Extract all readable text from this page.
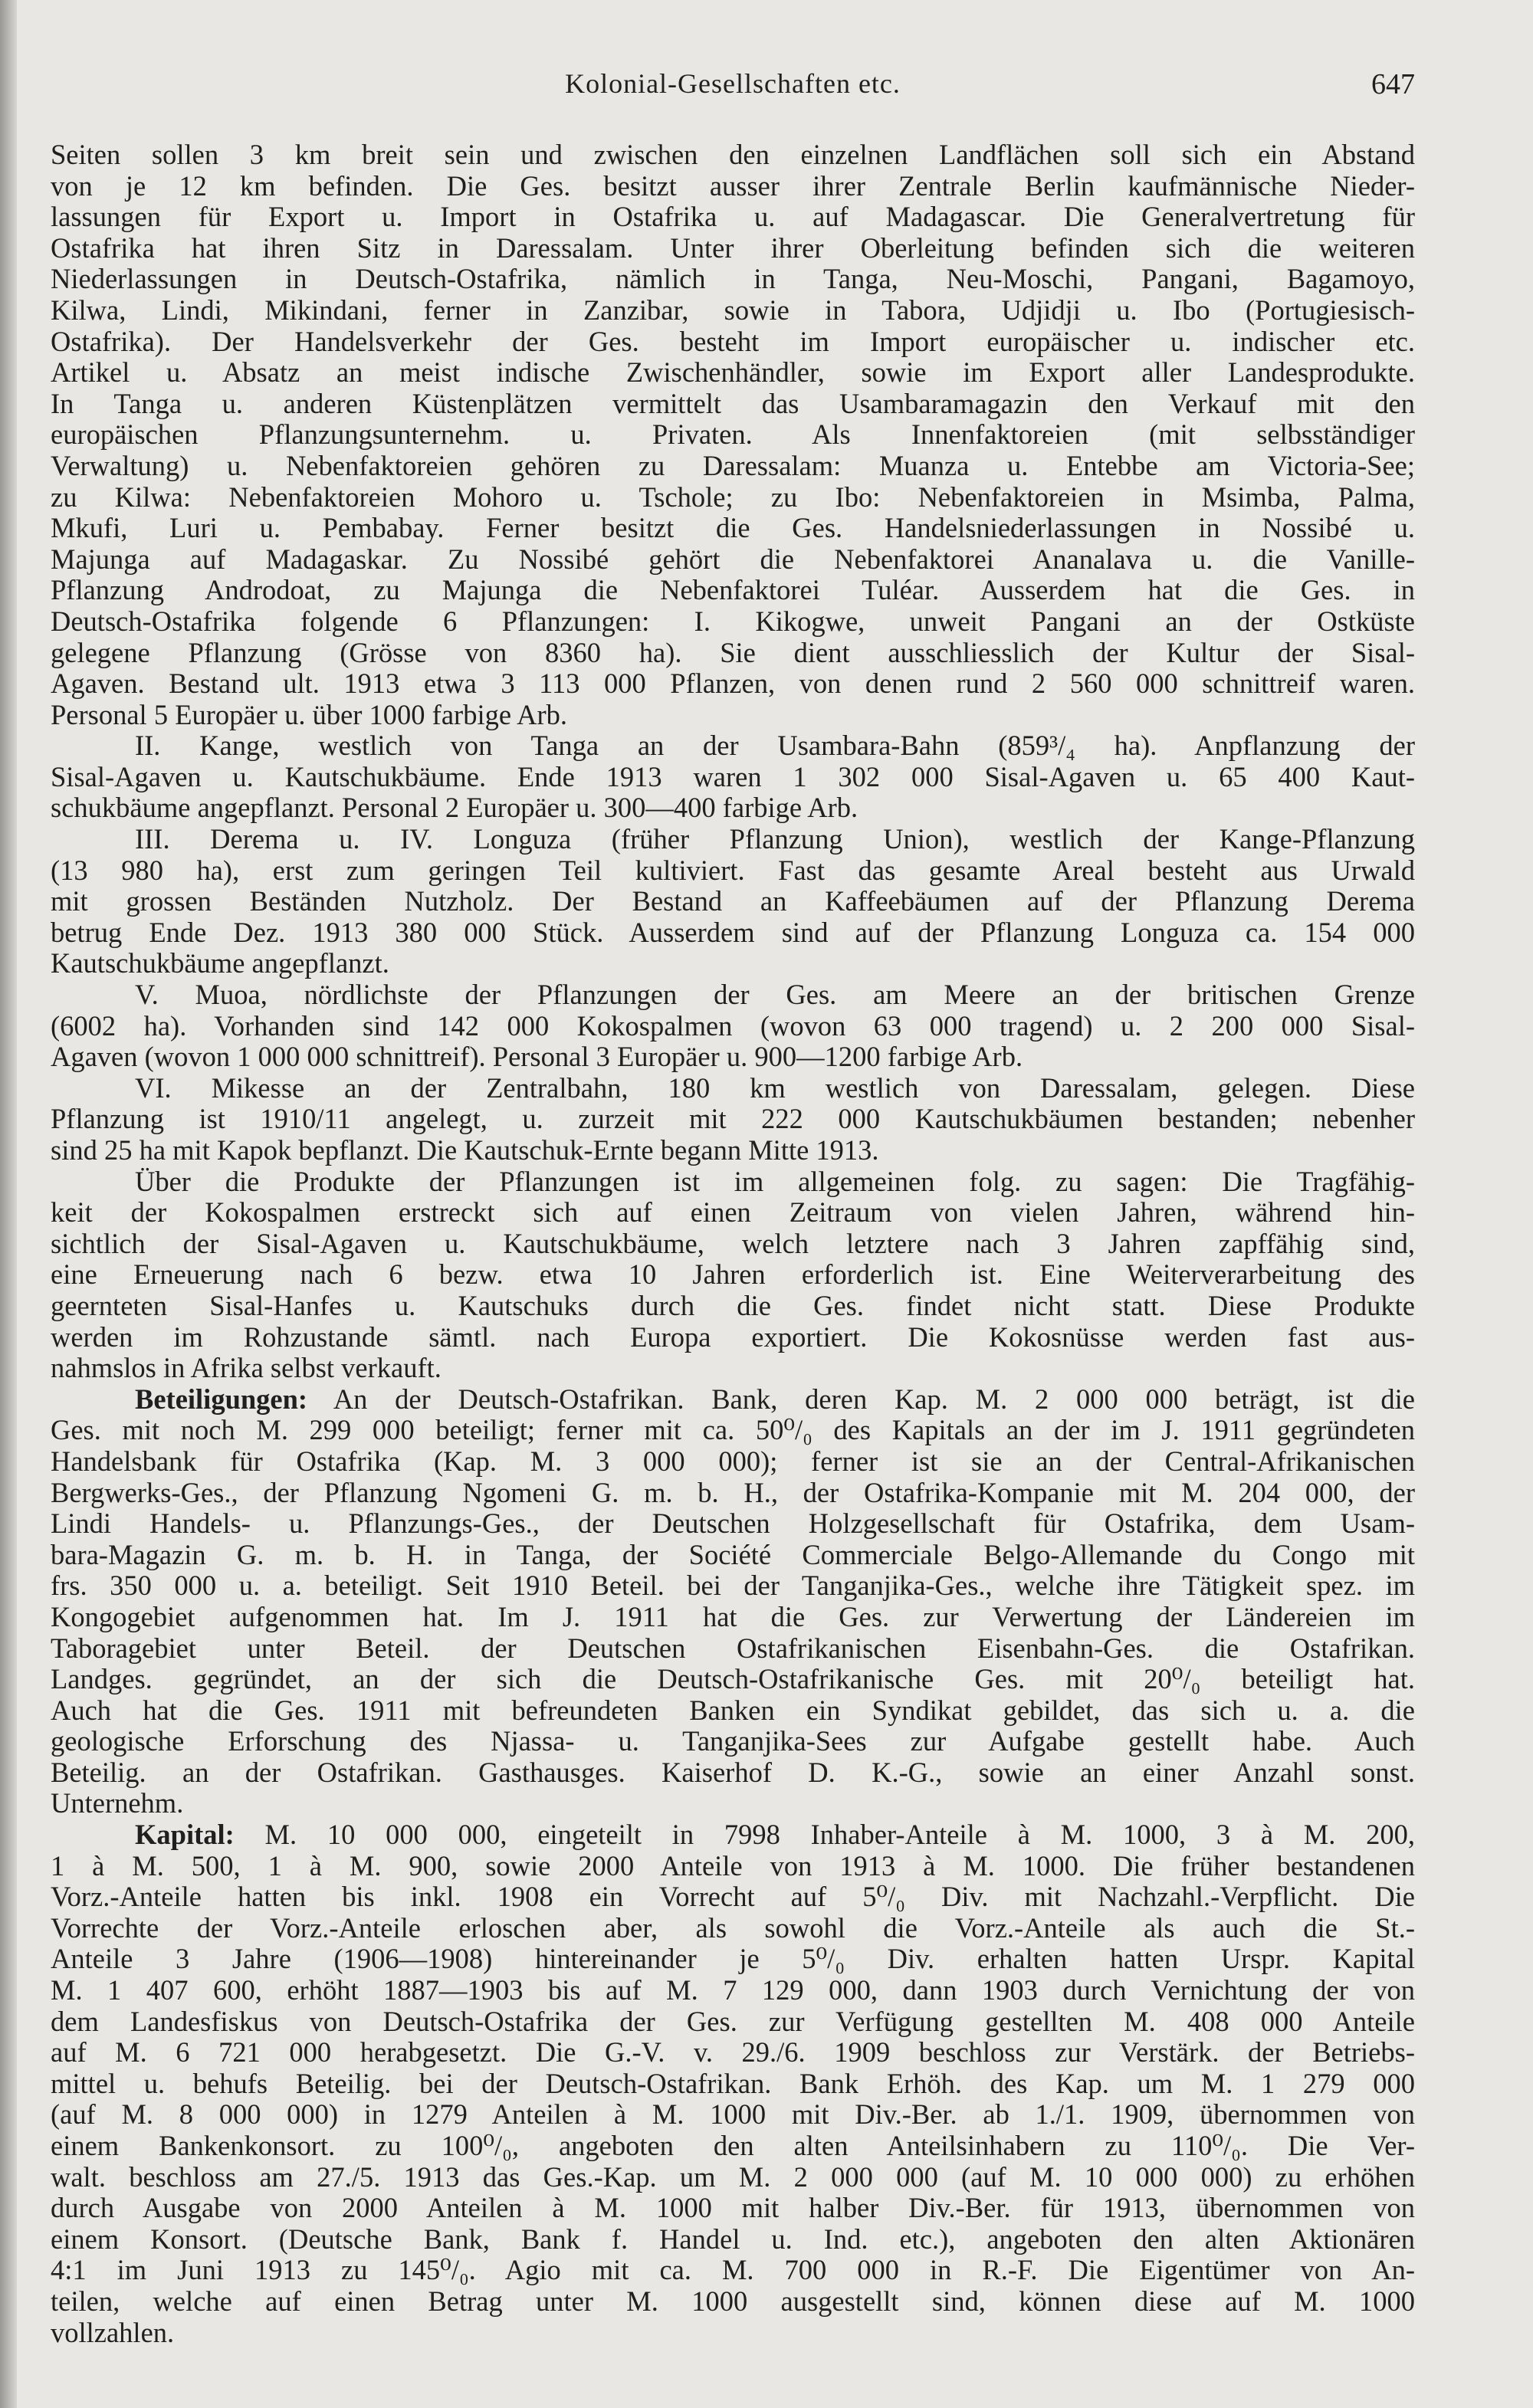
Kolonial-Gesellschaften etc.	647
Seiten sollen 3 km breit sein und zwischen den einzelnen Landflächen soll sich ein Abstand
von je 12 km befinden. Die Ges. besitzt ausser ihrer Zentrale Berlin kaufmännische Nieder-
lassungen für Export u. Import in Ostafrika u. auf Madagascar. Die Generalvertretung für
Ostafrika hat ihren Sitz in Daressalam. Unter ihrer Oberleitung befinden sich die weiteren
Niederlassungen in Deutsch-Ostafrika, nämlich in Tanga, Neu-Moschi, Pangani, Bagamoyo,
Kilwa, Lindi, Mikindani, ferner in Zanzibar, sowie in Tabora, Udjidji u. Ibo (Portugiesisch-
Ostafrika). Der Handelsverkehr der Ges. besteht im Import europäischer u. indischer etc.
Artikel u. Absatz an meist indische Zwischenhändler, sowie im Export aller Landesprodukte.
In Tanga u. anderen Küstenplätzen vermittelt das Usambaramagazin den Verkauf mit den
europäischen Pflanzungsunternehm. u. Privaten. Als Innenfaktoreien (mit selbsständiger
Verwaltung) u. Nebenfaktoreien gehören zu Daressalam: Muanza u. Entebbe am Victoria-See;
zu Kilwa: Nebenfaktoreien Mohoro u. Tschole; zu Ibo: Nebenfaktoreien in Msimba, Palma,
Mkufi, Luri u. Pembabay. Ferner besitzt die Ges. Handelsniederlassungen in Nossibé u.
Majunga auf Madagaskar. Zu Nossibé gehört die Nebenfaktorei Ananalava u. die Vanille-
Pflanzung Androdoat, zu Majunga die Nebenfaktorei Tuléar. Ausserdem hat die Ges. in
Deutsch-Ostafrika folgende 6 Pflanzungen: I. Kikogwe, unweit Pangani an der Ostküste
gelegene Pflanzung (Grösse von 8360 ha). Sie dient ausschliesslich der Kultur der Sisal-
Agaven. Bestand ult. 1913 etwa 3 113 000 Pflanzen, von denen rund 2 560 000 schnittreif waren.
Personal 5 Europäer u. über 1000 farbige Arb.
II. Kange, westlich von Tanga an der Usambara-Bahn (859³/₄ ha). Anpflanzung der
Sisal-Agaven u. Kautschukbäume. Ende 1913 waren 1 302 000 Sisal-Agaven u. 65 400 Kaut-
schukbäume angepflanzt. Personal 2 Europäer u. 300—400 farbige Arb.
III. Derema u. IV. Longuza (früher Pflanzung Union), westlich der Kange-Pflanzung
(13 980 ha), erst zum geringen Teil kultiviert. Fast das gesamte Areal besteht aus Urwald
mit grossen Beständen Nutzholz. Der Bestand an Kaffeebäumen auf der Pflanzung Derema
betrug Ende Dez. 1913 380 000 Stück. Ausserdem sind auf der Pflanzung Longuza ca. 154 000
Kautschukbäume angepflanzt.
V. Muoa, nördlichste der Pflanzungen der Ges. am Meere an der britischen Grenze
(6002 ha). Vorhanden sind 142 000 Kokospalmen (wovon 63 000 tragend) u. 2 200 000 Sisal-
Agaven (wovon 1 000 000 schnittreif). Personal 3 Europäer u. 900—1200 farbige Arb.
VI. Mikesse an der Zentralbahn, 180 km westlich von Daressalam, gelegen. Diese
Pflanzung ist 1910/11 angelegt, u. zurzeit mit 222 000 Kautschukbäumen bestanden; nebenher
sind 25 ha mit Kapok bepflanzt. Die Kautschuk-Ernte begann Mitte 1913.
Über die Produkte der Pflanzungen ist im allgemeinen folg. zu sagen: Die Tragfähig-
keit der Kokospalmen erstreckt sich auf einen Zeitraum von vielen Jahren, während hin-
sichtlich der Sisal-Agaven u. Kautschukbäume, welch letztere nach 3 Jahren zapffähig sind,
eine Erneuerung nach 6 bezw. etwa 10 Jahren erforderlich ist. Eine Weiterverarbeitung des
geernteten Sisal-Hanfes u. Kautschuks durch die Ges. findet nicht statt. Diese Produkte
werden im Rohzustande sämtl. nach Europa exportiert. Die Kokosnüsse werden fast aus-
nahmslos in Afrika selbst verkauft.
Beteiligungen: An der Deutsch-Ostafrikan. Bank, deren Kap. M. 2 000 000 beträgt, ist die
Ges. mit noch M. 299 000 beteiligt; ferner mit ca. 50⁰/₀ des Kapitals an der im J. 1911 gegründeten
Handelsbank für Ostafrika (Kap. M. 3 000 000); ferner ist sie an der Central-Afrikanischen
Bergwerks-Ges., der Pflanzung Ngomeni G. m. b. H., der Ostafrika-Kompanie mit M. 204 000, der
Lindi Handels- u. Pflanzungs-Ges., der Deutschen Holzgesellschaft für Ostafrika, dem Usam-
bara-Magazin G. m. b. H. in Tanga, der Société Commerciale Belgo-Allemande du Congo mit
frs. 350 000 u. a. beteiligt. Seit 1910 Beteil. bei der Tanganjika-Ges., welche ihre Tätigkeit spez. im
Kongogebiet aufgenommen hat. Im J. 1911 hat die Ges. zur Verwertung der Ländereien im
Taboragebiet unter Beteil. der Deutschen Ostafrikanischen Eisenbahn-Ges. die Ostafrikan.
Landges. gegründet, an der sich die Deutsch-Ostafrikanische Ges. mit 20⁰/₀ beteiligt hat.
Auch hat die Ges. 1911 mit befreundeten Banken ein Syndikat gebildet, das sich u. a. die
geologische Erforschung des Njassa- u. Tanganjika-Sees zur Aufgabe gestellt habe. Auch
Beteilig. an der Ostafrikan. Gasthausges. Kaiserhof D. K.-G., sowie an einer Anzahl sonst.
Unternehm.
Kapital: M. 10 000 000, eingeteilt in 7998 Inhaber-Anteile à M. 1000, 3 à M. 200,
1 à M. 500, 1 à M. 900, sowie 2000 Anteile von 1913 à M. 1000. Die früher bestandenen
Vorz.-Anteile hatten bis inkl. 1908 ein Vorrecht auf 5⁰/₀ Div. mit Nachzahl.-Verpflicht. Die
Vorrechte der Vorz.-Anteile erloschen aber, als sowohl die Vorz.-Anteile als auch die St.-
Anteile 3 Jahre (1906—1908) hintereinander je 5⁰/₀ Div. erhalten hatten Urspr. Kapital
M. 1 407 600, erhöht 1887—1903 bis auf M. 7 129 000, dann 1903 durch Vernichtung der von
dem Landesfiskus von Deutsch-Ostafrika der Ges. zur Verfügung gestellten M. 408 000 Anteile
auf M. 6 721 000 herabgesetzt. Die G.-V. v. 29./6. 1909 beschloss zur Verstärk. der Betriebs-
mittel u. behufs Beteilig. bei der Deutsch-Ostafrikan. Bank Erhöh. des Kap. um M. 1 279 000
(auf M. 8 000 000) in 1279 Anteilen à M. 1000 mit Div.-Ber. ab 1./1. 1909, übernommen von
einem Bankenkonsort. zu 100⁰/₀, angeboten den alten Anteilsinhabern zu 110⁰/₀. Die Ver-
walt. beschloss am 27./5. 1913 das Ges.-Kap. um M. 2 000 000 (auf M. 10 000 000) zu erhöhen
durch Ausgabe von 2000 Anteilen à M. 1000 mit halber Div.-Ber. für 1913, übernommen von
einem Konsort. (Deutsche Bank, Bank f. Handel u. Ind. etc.), angeboten den alten Aktionären
4:1 im Juni 1913 zu 145⁰/₀. Agio mit ca. M. 700 000 in R.-F. Die Eigentümer von An-
teilen, welche auf einen Betrag unter M. 1000 ausgestellt sind, können diese auf M. 1000
vollzahlen.
